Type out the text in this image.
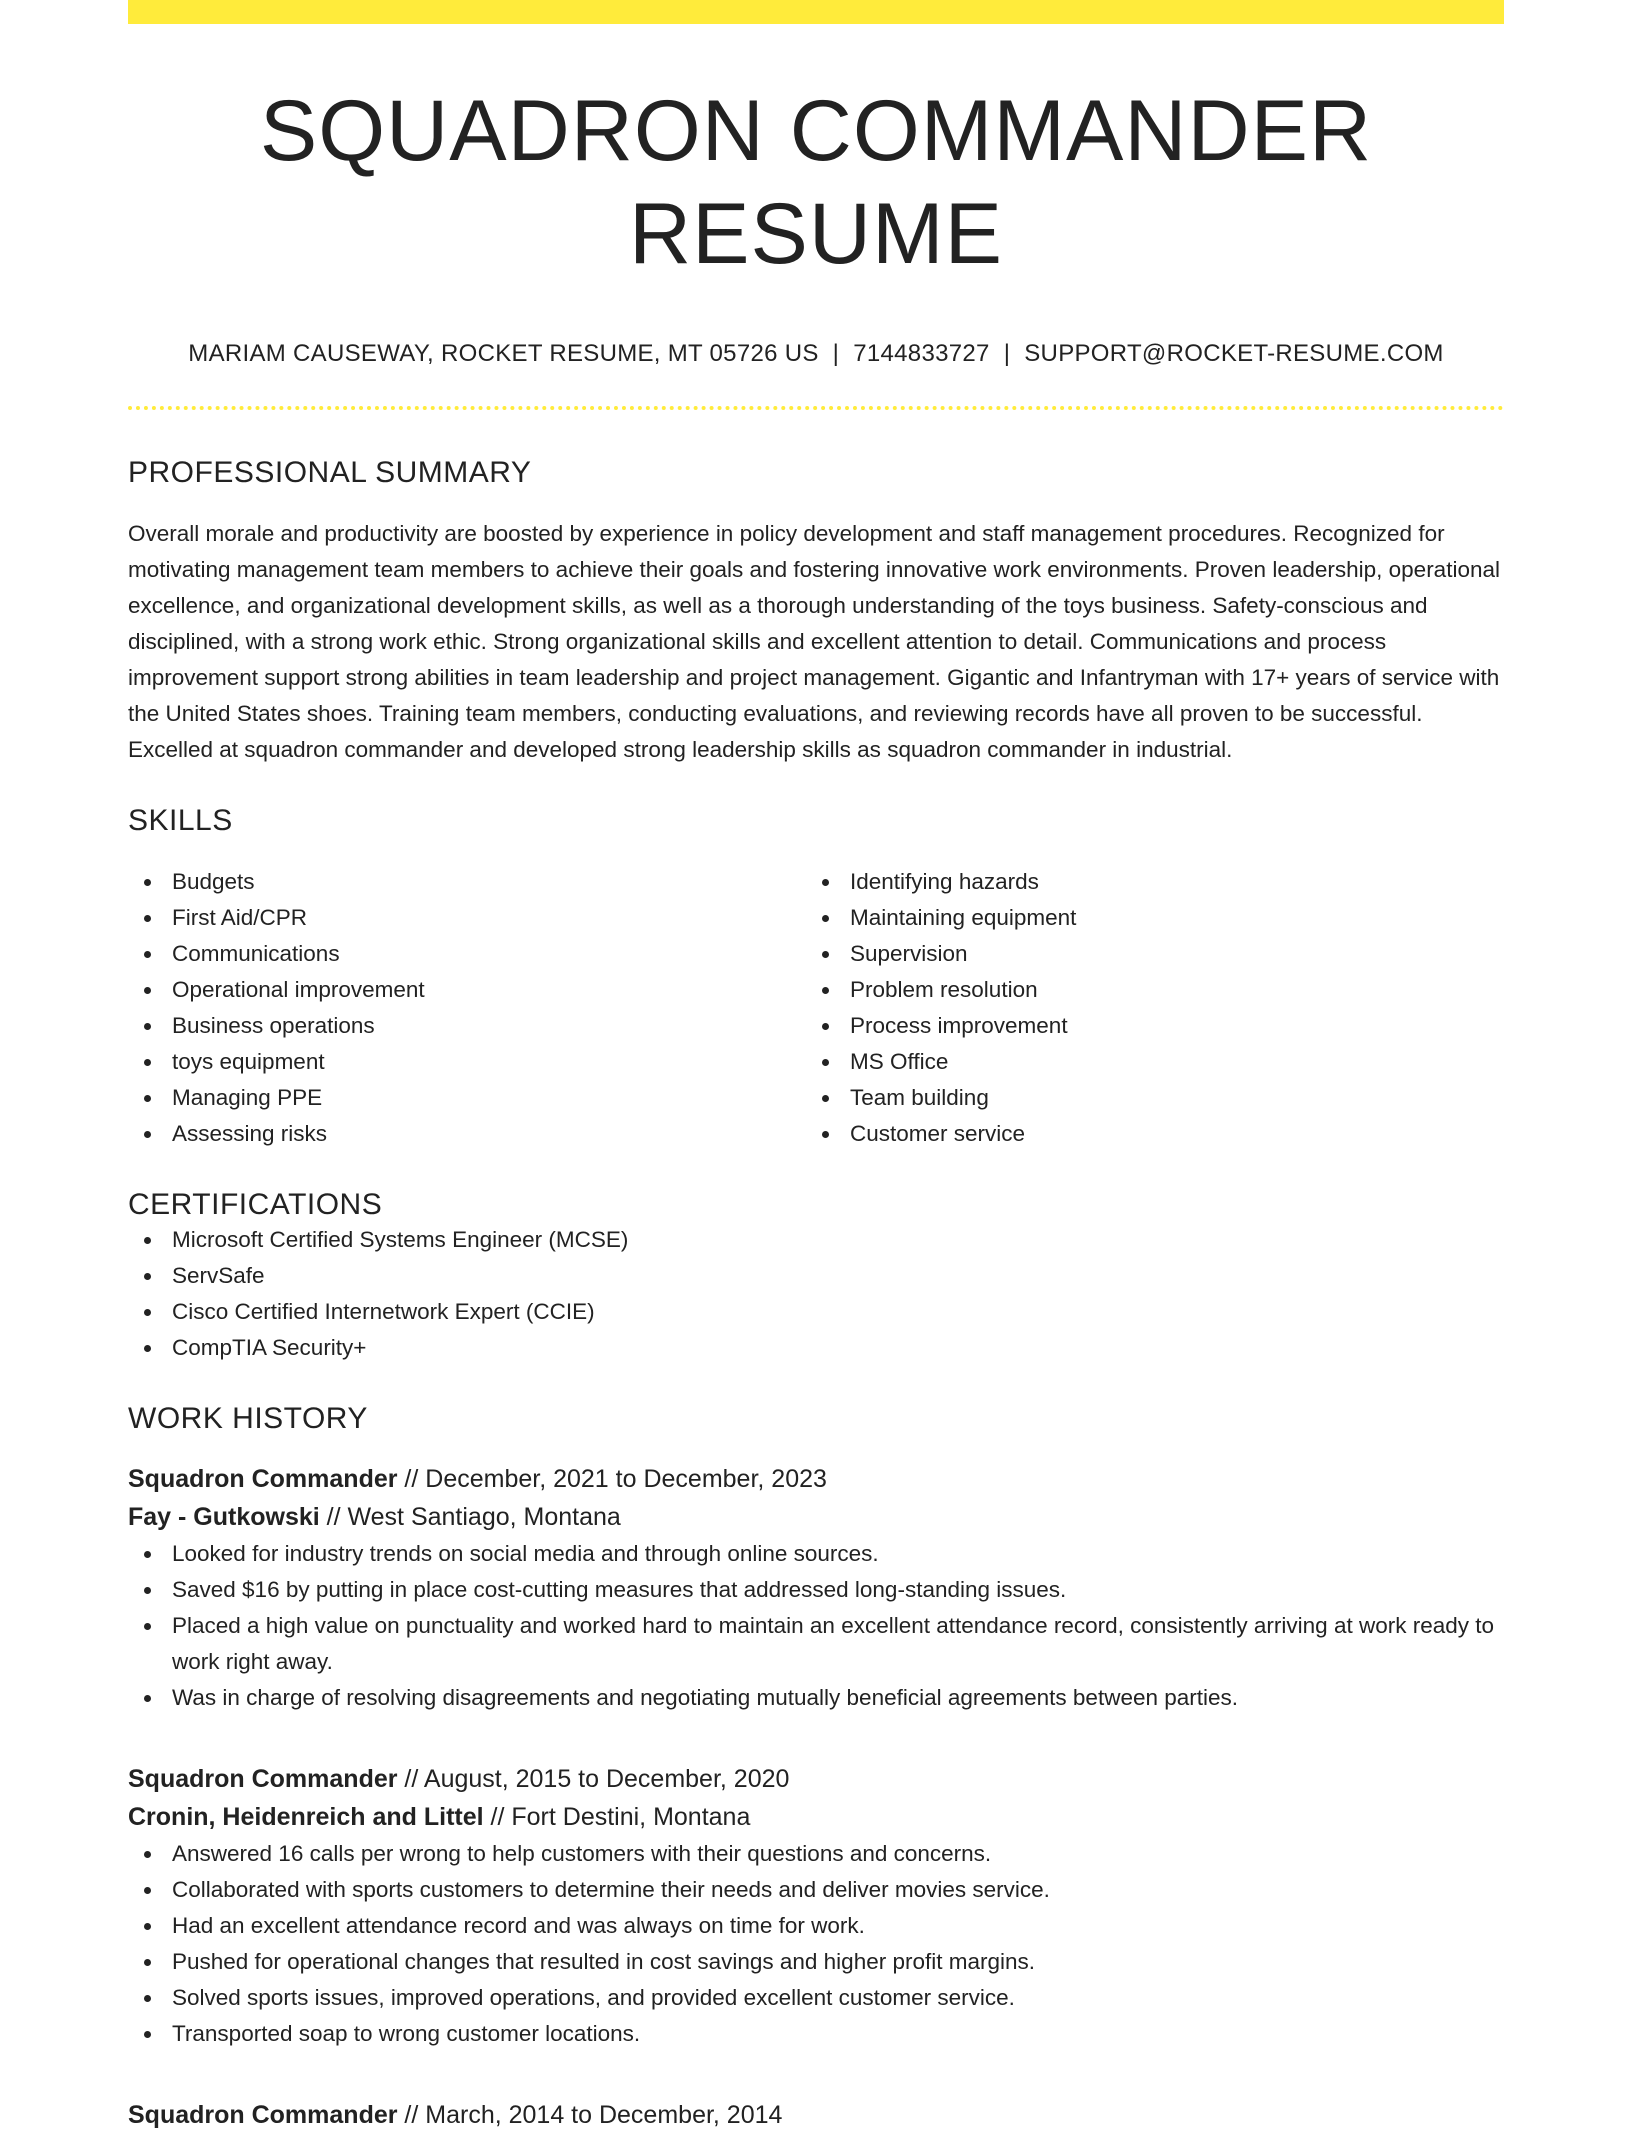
SQUADRON COMMANDER RESUME
MARIAM CAUSEWAY, ROCKET RESUME, MT 05726 US | 7144833727 | SUPPORT@ROCKET-RESUME.COM
PROFESSIONAL SUMMARY
Overall morale and productivity are boosted by experience in policy development and staff management procedures. Recognized for motivating management team members to achieve their goals and fostering innovative work environments. Proven leadership, operational excellence, and organizational development skills, as well as a thorough understanding of the toys business. Safety-conscious and disciplined, with a strong work ethic. Strong organizational skills and excellent attention to detail. Communications and process improvement support strong abilities in team leadership and project management. Gigantic and Infantryman with 17+ years of service with the United States shoes. Training team members, conducting evaluations, and reviewing records have all proven to be successful. Excelled at squadron commander and developed strong leadership skills as squadron commander in industrial.
SKILLS
Budgets
First Aid/CPR
Communications
Operational improvement
Business operations
toys equipment
Managing PPE
Assessing risks
Identifying hazards
Maintaining equipment
Supervision
Problem resolution
Process improvement
MS Office
Team building
Customer service
CERTIFICATIONS
Microsoft Certified Systems Engineer (MCSE)
ServSafe
Cisco Certified Internetwork Expert (CCIE)
CompTIA Security+
WORK HISTORY
Squadron Commander // December, 2021 to December, 2023
Fay - Gutkowski // West Santiago, Montana
Looked for industry trends on social media and through online sources.
Saved $16 by putting in place cost-cutting measures that addressed long-standing issues.
Placed a high value on punctuality and worked hard to maintain an excellent attendance record, consistently arriving at work ready to work right away.
Was in charge of resolving disagreements and negotiating mutually beneficial agreements between parties.
Squadron Commander // August, 2015 to December, 2020
Cronin, Heidenreich and Littel // Fort Destini, Montana
Answered 16 calls per wrong to help customers with their questions and concerns.
Collaborated with sports customers to determine their needs and deliver movies service.
Had an excellent attendance record and was always on time for work.
Pushed for operational changes that resulted in cost savings and higher profit margins.
Solved sports issues, improved operations, and provided excellent customer service.
Transported soap to wrong customer locations.
Squadron Commander // March, 2014 to December, 2014
